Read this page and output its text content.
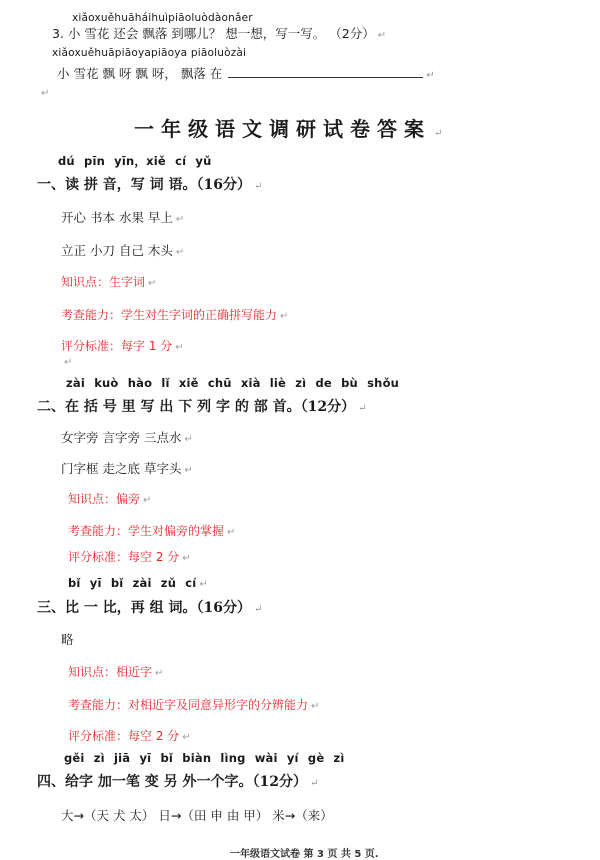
xiǎoxuěhuāháihuìpiāoluòdàonǎer
3. 小 雪花 还会 飘落 到哪儿？ 想一想，写一写。 （2分） ↵
xiǎoxuěhuāpiāoyapiāoya piāoluòzài
小 雪花 飘 呀 飘 呀， 飘落 在	↵
↵
一年级语文调研试卷答案 ↵
dú pīn yīn，xiě cí yǔ
一、读 拼 音，写 词 语。（16分） ↵
开心 书本 水果 早上 ↵
立正 小刀 自己 木头 ↵
知识点：生字词 ↵
考查能力：学生对生字词的正确拼写能力 ↵
评分标准：每字 1 分 ↵
↵
zài kuò hào lǐ xiě chū xià liè zì de bù shǒu
二、在 括 号 里 写 出 下 列 字 的 部 首。（12分） ↵
女字旁 言字旁 三点水 ↵
门字框 走之底 草字头 ↵
知识点：偏旁 ↵
考查能力：学生对偏旁的掌握 ↵
评分标准：每空 2 分 ↵
bǐ yī bǐ zài zǔ cí ↵
三、比 一 比，再 组 词。（16分） ↵
略
知识点：相近字 ↵
考查能力：对相近字及同意异形字的分辨能力 ↵
评分标准：每空 2 分 ↵
gěi zì jiā yī bǐ biàn lìng wài yí gè zì
四、给字 加一笔 变 另 外一个字。（12分） ↵
大→（天 犬 太） 日→（田 申 由 甲） 米→（来）
一年级语文试卷 第 3 页 共 5 页.
